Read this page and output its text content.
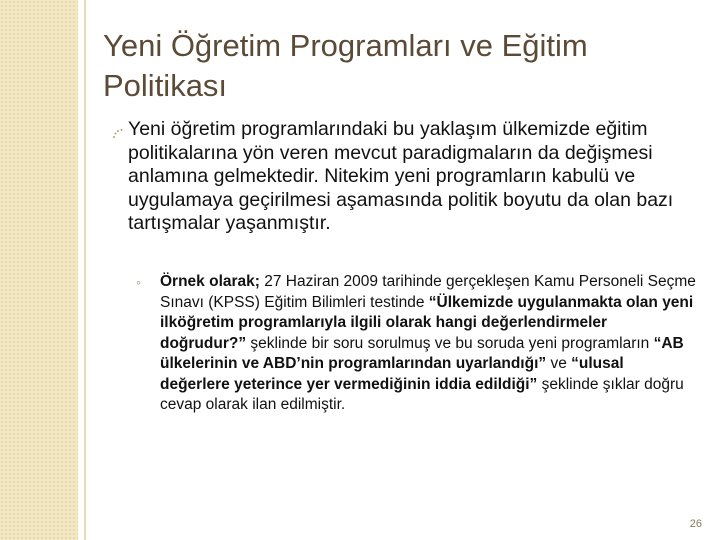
Yeni Öğretim Programları ve Eğitim Politikası
Yeni öğretim programlarındaki bu yaklaşım ülkemizde eğitim politikalarına yön veren mevcut paradigmaların da değişmesi anlamına gelmektedir. Nitekim yeni programların kabulü ve uygulamaya geçirilmesi aşamasında politik boyutu da olan bazı tartışmalar yaşanmıştır.
◦ Örnek olarak; 27 Haziran 2009 tarihinde gerçekleşen Kamu Personeli Seçme Sınavı (KPSS) Eğitim Bilimleri testinde “Ülkemizde uygulanmakta olan yeni ilköğretim programlarıyla ilgili olarak hangi değerlendirmeler doğrudur?” şeklinde bir soru sorulmuş ve bu soruda yeni programların “AB ülkelerinin ve ABD’nin programlarından uyarlandığı” ve “ulusal değerlere yeterince yer vermediğinin iddia edildiği” şeklinde şıklar doğru cevap olarak ilan edilmiştir.
26
